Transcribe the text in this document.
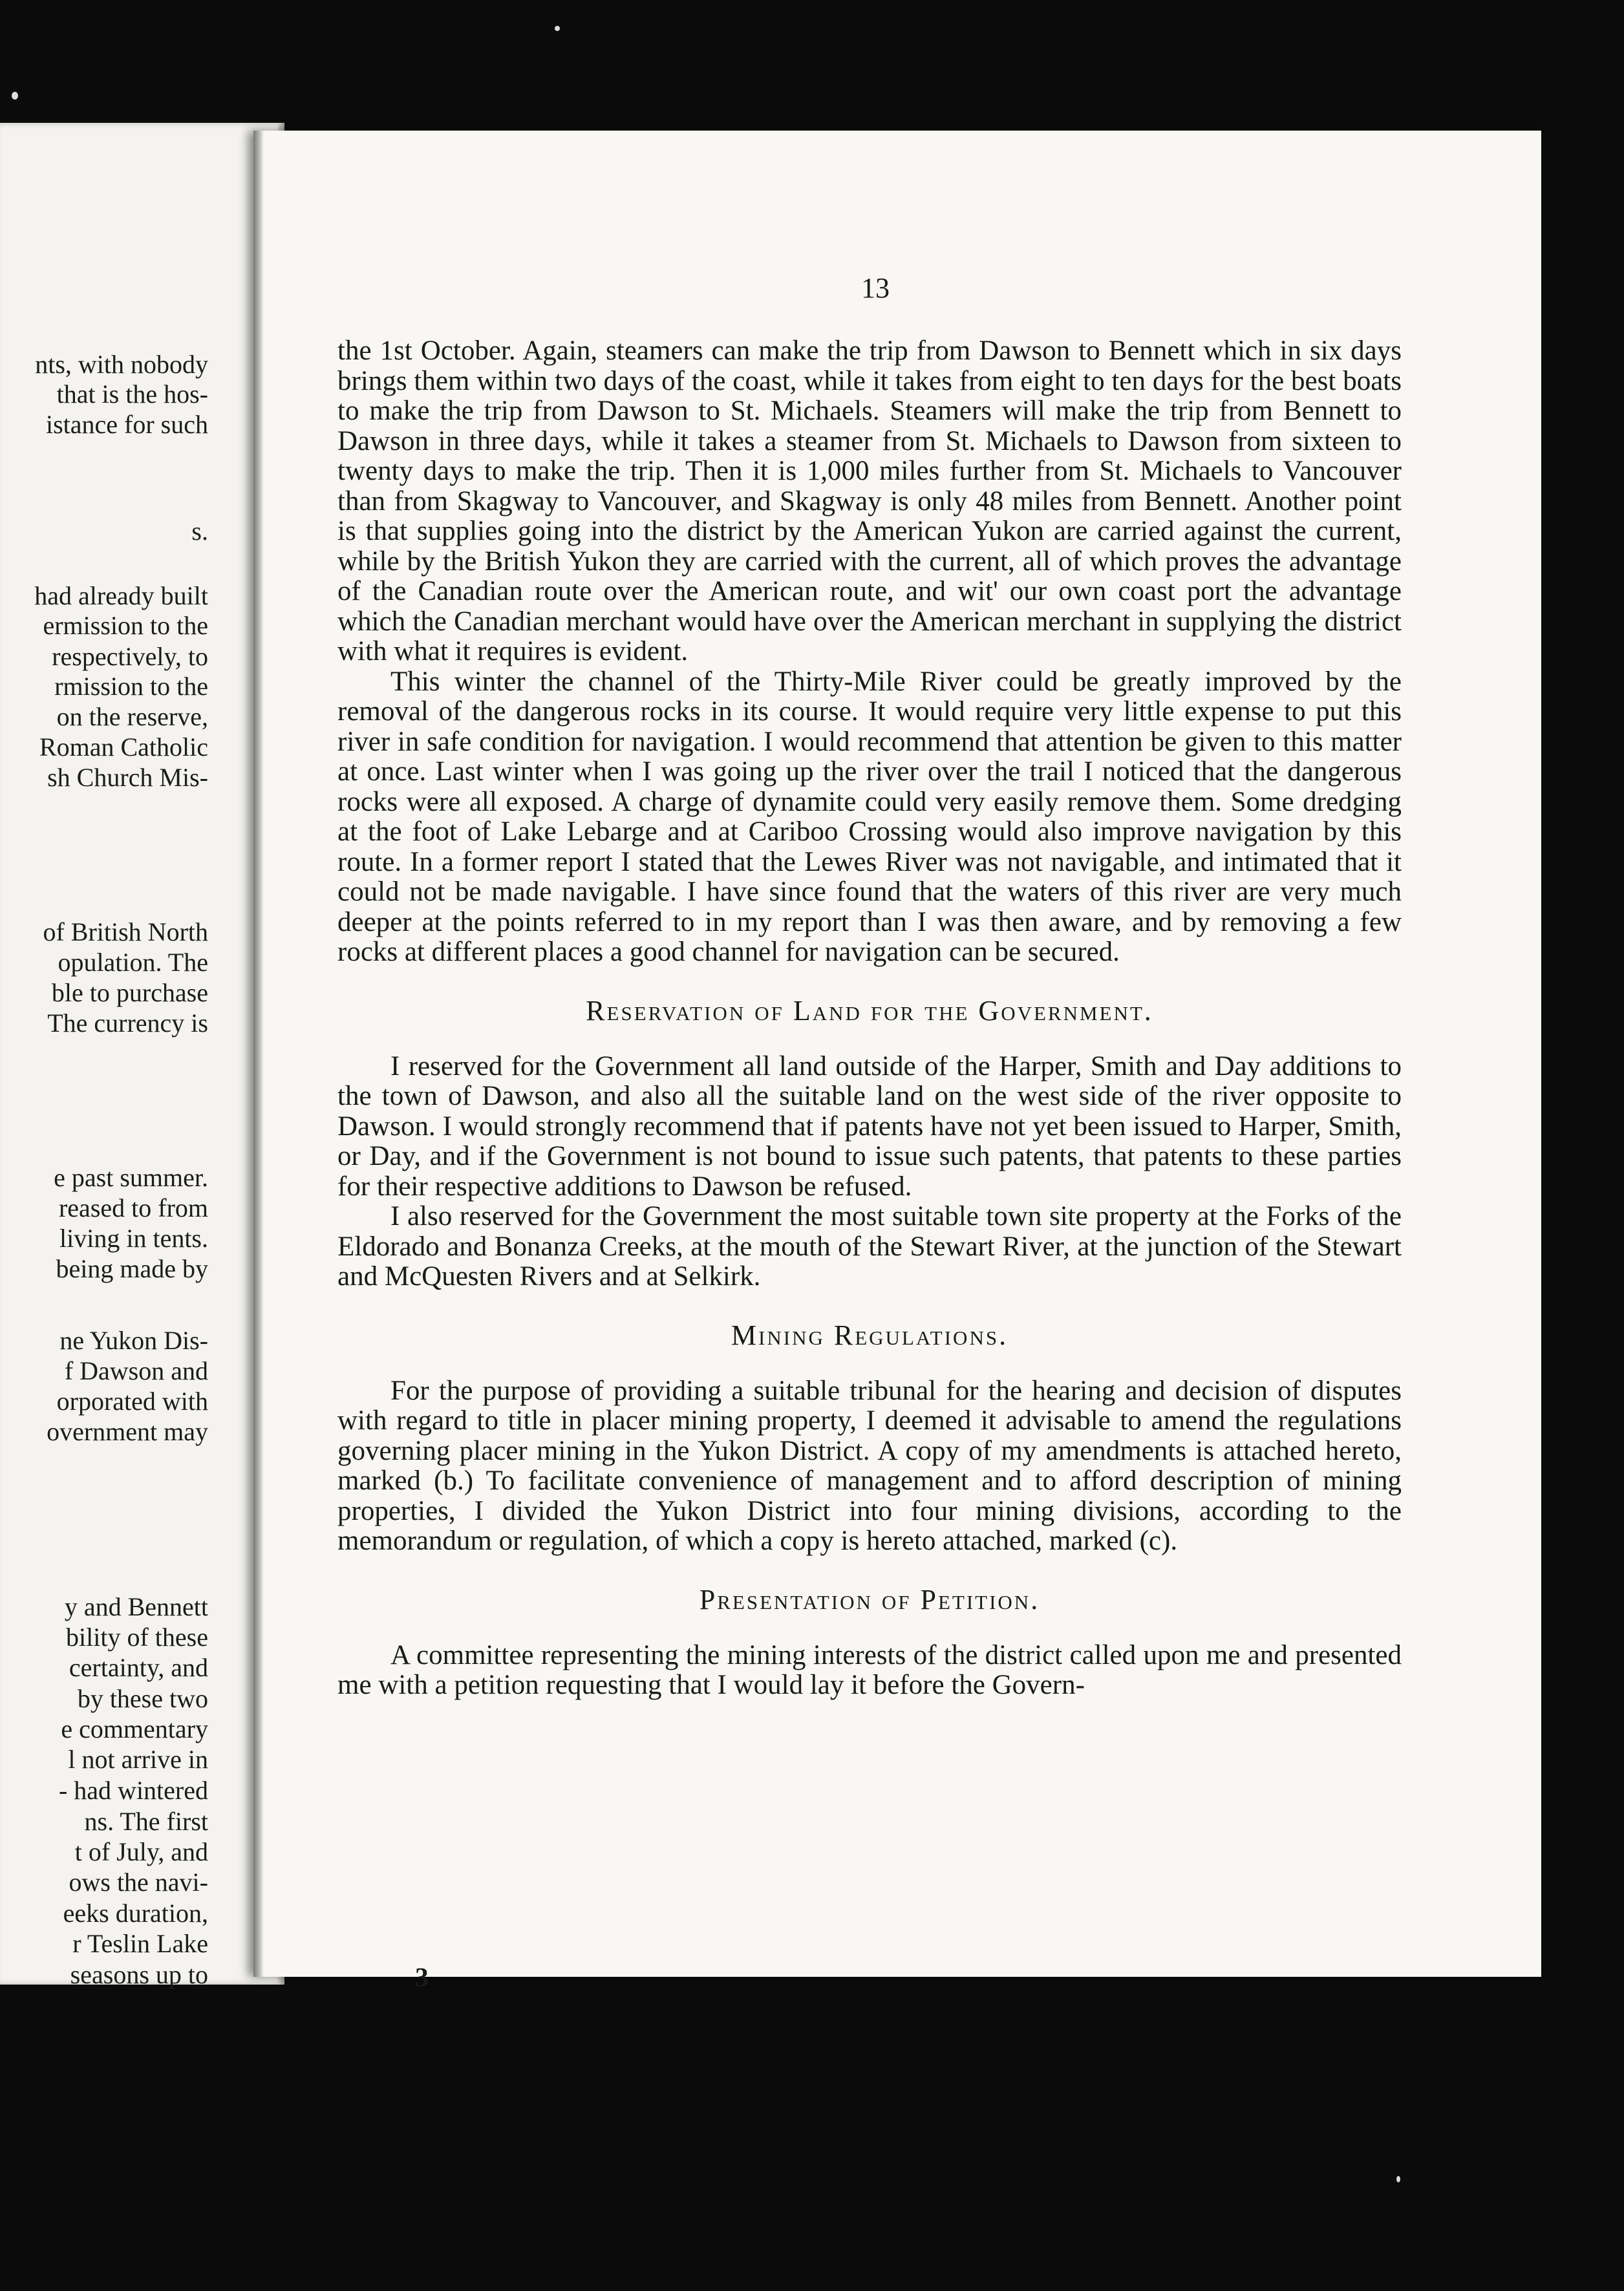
nts, with nobody
that is the hos-
istance for such
s.
had already built
ermission to the
respectively, to
rmission to the
on the reserve,
Roman Catholic
sh Church Mis-
of British North
opulation. The
ble to purchase
The currency is
e past summer.
reased to from
living in tents.
being made by
ne Yukon Dis-
f Dawson and
orporated with
overnment may
y and Bennett
bility of these
certainty, and
by these two
e commentary
l not arrive in
- had wintered
ns. The first
t of July, and
ows the navi-
eeks duration,
r Teslin Lake
seasons up to
13

the 1st October. Again, steamers can make the trip from Dawson to Bennett which in six days brings them within two days of the coast, while it takes from eight to ten days for the best boats to make the trip from Dawson to St. Michaels. Steamers will make the trip from Bennett to Dawson in three days, while it takes a steamer from St. Michaels to Dawson from sixteen to twenty days to make the trip. Then it is 1,000 miles further from St. Michaels to Vancouver than from Skagway to Vancouver, and Skagway is only 48 miles from Bennett. Another point is that supplies going into the district by the American Yukon are carried against the current, while by the British Yukon they are carried with the current, all of which proves the advantage of the Canadian route over the American route, and wit' our own coast port the advantage which the Canadian merchant would have over the American merchant in supplying the district with what it requires is evident.

This winter the channel of the Thirty-Mile River could be greatly improved by the removal of the dangerous rocks in its course. It would require very little expense to put this river in safe condition for navigation. I would recommend that attention be given to this matter at once. Last winter when I was going up the river over the trail I noticed that the dangerous rocks were all exposed. A charge of dynamite could very easily remove them. Some dredging at the foot of Lake Lebarge and at Cariboo Crossing would also improve navigation by this route. In a former report I stated that the Lewes River was not navigable, and intimated that it could not be made navigable. I have since found that the waters of this river are very much deeper at the points referred to in my report than I was then aware, and by removing a few rocks at different places a good channel for navigation can be secured.

Reservation of Land for the Government.

I reserved for the Government all land outside of the Harper, Smith and Day additions to the town of Dawson, and also all the suitable land on the west side of the river opposite to Dawson. I would strongly recommend that if patents have not yet been issued to Harper, Smith, or Day, and if the Government is not bound to issue such patents, that patents to these parties for their respective additions to Dawson be refused.

I also reserved for the Government the most suitable town site property at the Forks of the Eldorado and Bonanza Creeks, at the mouth of the Stewart River, at the junction of the Stewart and McQuesten Rivers and at Selkirk.

Mining Regulations.

For the purpose of providing a suitable tribunal for the hearing and decision of disputes with regard to title in placer mining property, I deemed it advisable to amend the regulations governing placer mining in the Yukon District. A copy of my amendments is attached hereto, marked (b.) To facilitate convenience of management and to afford description of mining properties, I divided the Yukon District into four mining divisions, according to the memorandum or regulation, of which a copy is hereto attached, marked (c).

Presentation of Petition.

A committee representing the mining interests of the district called upon me and presented me with a petition requesting that I would lay it before the Govern-

3
